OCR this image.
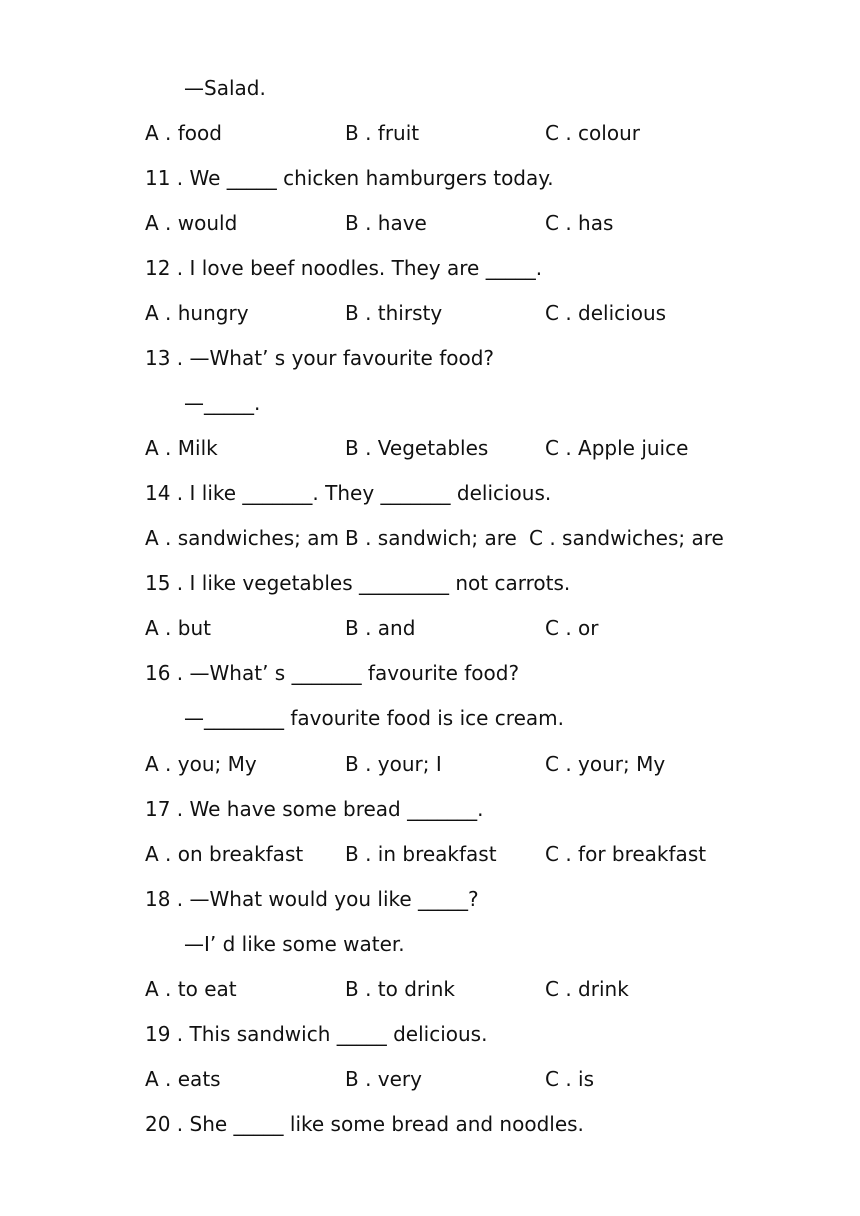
—Salad.
A . food	B . fruit	C . colour
11 . We _____ chicken hamburgers today.
A . would	B . have	C . has
12 . I love beef noodles. They are _____.
A . hungry	B . thirsty	C . delicious
13 . —What’ s your favourite food?
—_____.
A . Milk	B . Vegetables	C . Apple juice
14 . I like _______. They _______ delicious.
A . sandwiches; am B . sandwich; are C . sandwiches; are
15 . I like vegetables _________ not carrots.
A . but	B . and	C . or
16 . —What’ s _______ favourite food?
—________ favourite food is ice cream.
A . you; My	B . your; I	C . your; My
17 . We have some bread _______.
A . on breakfast B . in breakfast C . for breakfast
18 . —What would you like _____?
—I’ d like some water.
A . to eat	B . to drink	C . drink
19 . This sandwich _____ delicious.
A . eats	B . very	C . is
20 . She _____ like some bread and noodles.
